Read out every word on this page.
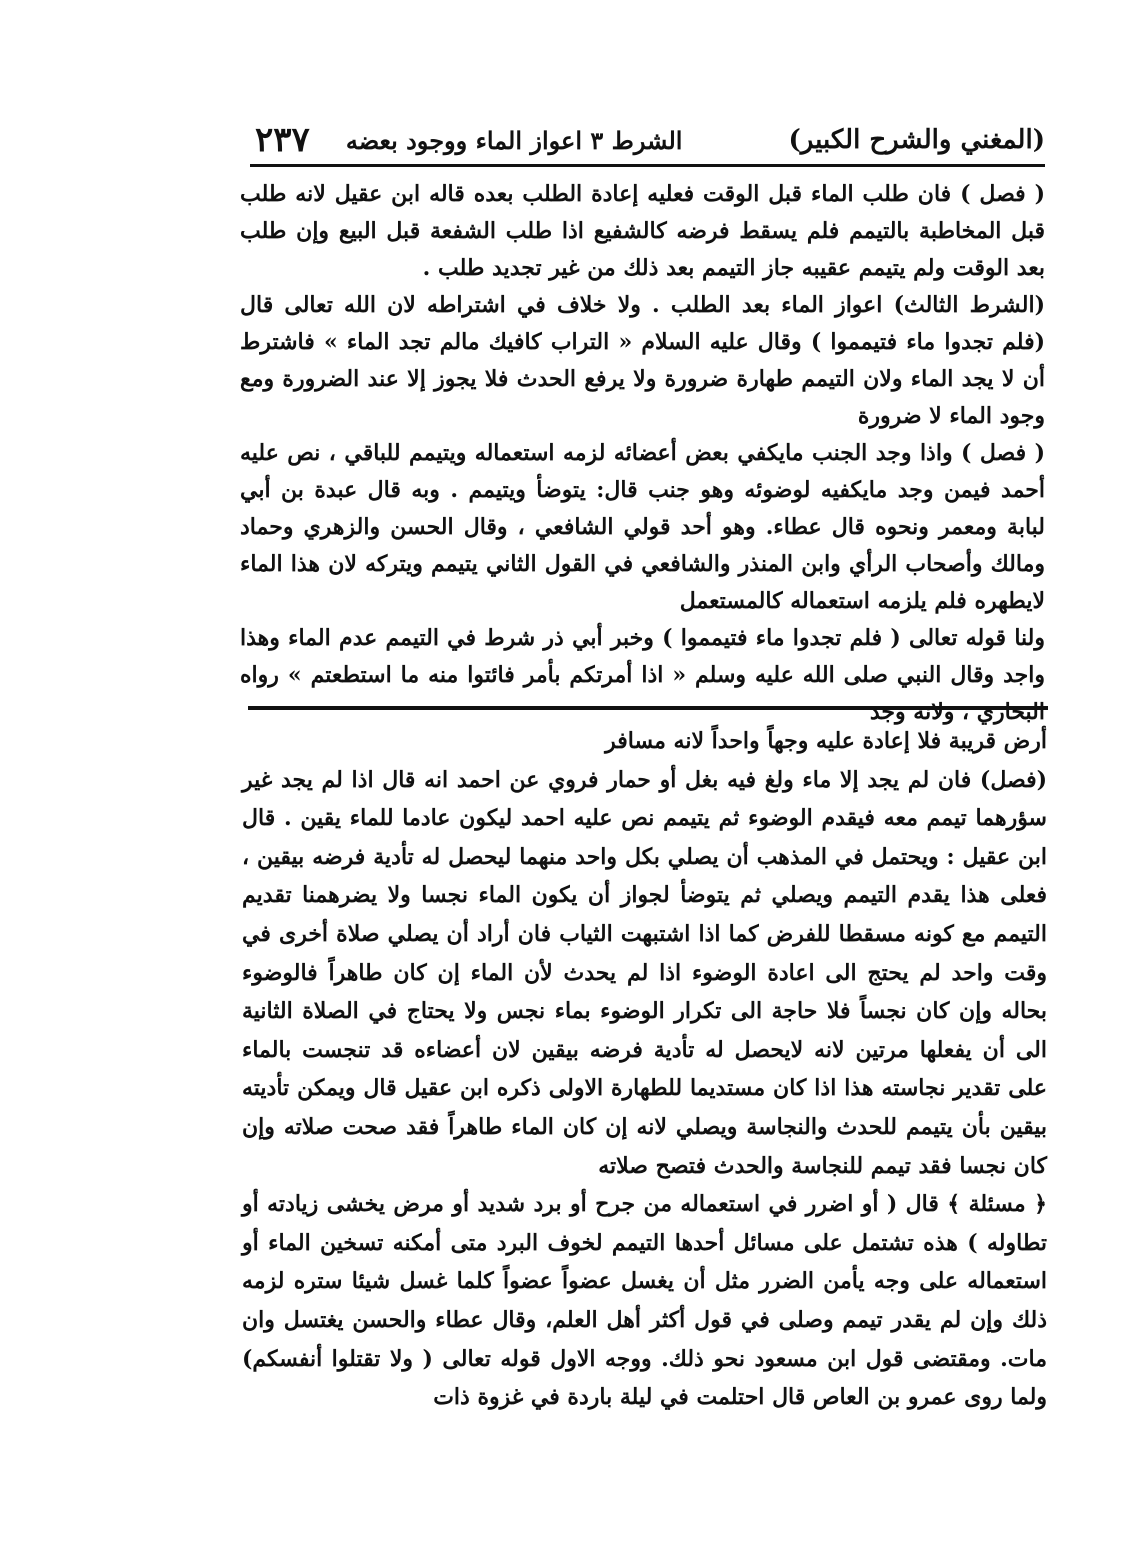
(المغني والشرح الكبير)
الشرط ٣ اعواز الماء ووجود بعضه
٢٣٧

( فصل ) فان طلب الماء قبل الوقت فعليه إعادة الطلب بعده قاله ابن عقيل لانه طلب قبل المخاطبة بالتيمم فلم يسقط فرضه كالشفيع اذا طلب الشفعة قبل البيع وإن طلب بعد الوقت ولم يتيمم عقيبه جاز التيمم بعد ذلك من غير تجديد طلب .

(الشرط الثالث) اعواز الماء بعد الطلب . ولا خلاف في اشتراطه لان الله تعالى قال (فلم تجدوا ماء فتيمموا ) وقال عليه السلام « التراب كافيك مالم تجد الماء » فاشترط أن لا يجد الماء ولان التيمم طهارة ضرورة ولا يرفع الحدث فلا يجوز إلا عند الضرورة ومع وجود الماء لا ضرورة

( فصل ) واذا وجد الجنب مايكفي بعض أعضائه لزمه استعماله ويتيمم للباقي ، نص عليه أحمد فيمن وجد مايكفيه لوضوئه وهو جنب قال: يتوضأ ويتيمم . وبه قال عبدة بن أبي لبابة ومعمر ونحوه قال عطاء. وهو أحد قولي الشافعي ، وقال الحسن والزهري وحماد ومالك وأصحاب الرأي وابن المنذر والشافعي في القول الثاني يتيمم ويتركه لان هذا الماء لايطهره فلم يلزمه استعماله كالمستعمل

ولنا قوله تعالى ( فلم تجدوا ماء فتيمموا ) وخبر أبي ذر شرط في التيمم عدم الماء وهذا واجد وقال النبي صلى الله عليه وسلم « اذا أمرتكم بأمر فائتوا منه ما استطعتم » رواه البخاري ، ولانه وجد

أرض قريبة فلا إعادة عليه وجهاً واحداً لانه مسافر

(فصل) فان لم يجد إلا ماء ولغ فيه بغل أو حمار فروي عن احمد انه قال اذا لم يجد غير سؤرهما تيمم معه فيقدم الوضوء ثم يتيمم نص عليه احمد ليكون عادما للماء يقين . قال ابن عقيل : ويحتمل في المذهب أن يصلي بكل واحد منهما ليحصل له تأدية فرضه بيقين ، فعلى هذا يقدم التيمم ويصلي ثم يتوضأ لجواز أن يكون الماء نجسا ولا يضرهمنا تقديم التيمم مع كونه مسقطا للفرض كما اذا اشتبهت الثياب فان أراد أن يصلي صلاة أخرى في وقت واحد لم يحتج الى اعادة الوضوء اذا لم يحدث لأن الماء إن كان طاهراً فالوضوء بحاله وإن كان نجساً فلا حاجة الى تكرار الوضوء بماء نجس ولا يحتاج في الصلاة الثانية الى أن يفعلها مرتين لانه لايحصل له تأدية فرضه بيقين لان أعضاءه قد تنجست بالماء على تقدير نجاسته هذا اذا كان مستديما للطهارة الاولى ذكره ابن عقيل قال ويمكن تأديته بيقين بأن يتيمم للحدث والنجاسة ويصلي لانه إن كان الماء طاهراً فقد صحت صلاته وإن كان نجسا فقد تيمم للنجاسة والحدث فتصح صلاته

﴿ مسئلة ﴾ قال ( أو اضرر في استعماله من جرح أو برد شديد أو مرض يخشى زيادته أو تطاوله ) هذه تشتمل على مسائل أحدها التيمم لخوف البرد متى أمكنه تسخين الماء أو استعماله على وجه يأمن الضرر مثل أن يغسل عضواً عضواً كلما غسل شيئا ستره لزمه ذلك وإن لم يقدر تيمم وصلى في قول أكثر أهل العلم، وقال عطاء والحسن يغتسل وان مات. ومقتضى قول ابن مسعود نحو ذلك. ووجه الاول قوله تعالى ( ولا تقتلوا أنفسكم) ولما روى عمرو بن العاص قال احتلمت في ليلة باردة في غزوة ذات
